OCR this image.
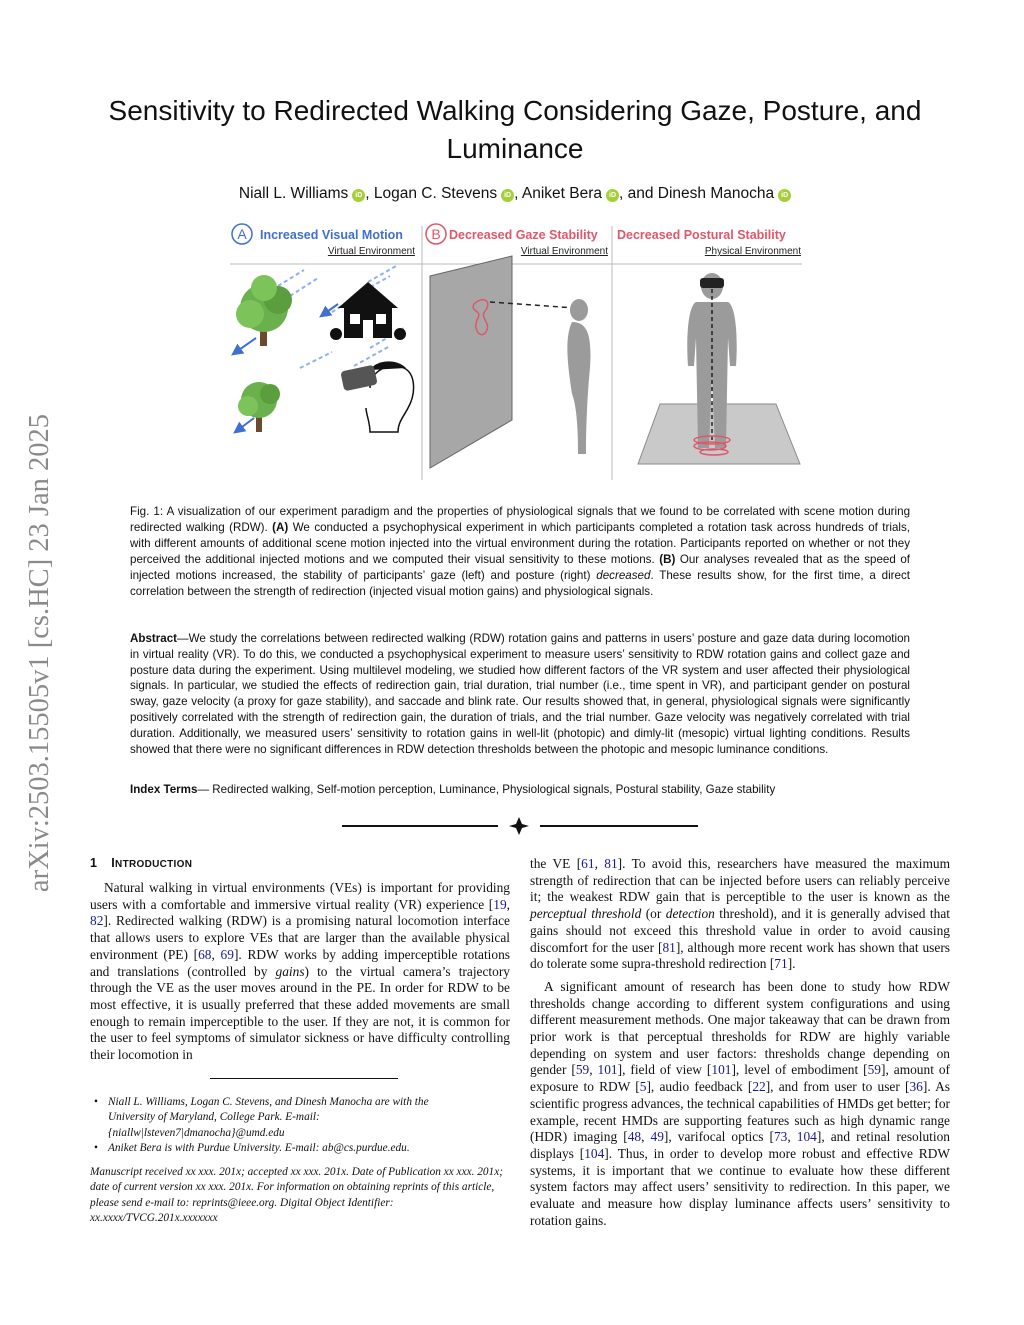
arXiv:2503.15505v1 [cs.HC] 23 Jan 2025
Sensitivity to Redirected Walking Considering Gaze, Posture, and Luminance
Niall L. Williams iD , Logan C. Stevens iD , Aniket Bera iD , and Dinesh Manocha iD
A Increased Visual Motion
Virtual Environment
B Decreased Gaze Stability
Virtual Environment
Decreased Postural Stability
Physical Environment

Fig. 1: A visualization of our experiment paradigm and the properties of physiological signals that we found to be correlated with scene motion during redirected walking (RDW). (A) We conducted a psychophysical experiment in which participants completed a rotation task across hundreds of trials, with different amounts of additional scene motion injected into the virtual environment during the rotation. Participants reported on whether or not they perceived the additional injected motions and we computed their visual sensitivity to these motions. (B) Our analyses revealed that as the speed of injected motions increased, the stability of participants’ gaze (left) and posture (right) decreased. These results show, for the first time, a direct correlation between the strength of redirection (injected visual motion gains) and physiological signals.

Abstract—We study the correlations between redirected walking (RDW) rotation gains and patterns in users’ posture and gaze data during locomotion in virtual reality (VR). To do this, we conducted a psychophysical experiment to measure users’ sensitivity to RDW rotation gains and collect gaze and posture data during the experiment. Using multilevel modeling, we studied how different factors of the VR system and user affected their physiological signals. In particular, we studied the effects of redirection gain, trial duration, trial number (i.e., time spent in VR), and participant gender on postural sway, gaze velocity (a proxy for gaze stability), and saccade and blink rate. Our results showed that, in general, physiological signals were significantly positively correlated with the strength of redirection gain, the duration of trials, and the trial number. Gaze velocity was negatively correlated with trial duration. Additionally, we measured users’ sensitivity to rotation gains in well-lit (photopic) and dimly-lit (mesopic) virtual lighting conditions. Results showed that there were no significant differences in RDW detection thresholds between the photopic and mesopic luminance conditions.

Index Terms— Redirected walking, Self-motion perception, Luminance, Physiological signals, Postural stability, Gaze stability

1 INTRODUCTION

Natural walking in virtual environments (VEs) is important for providing users with a comfortable and immersive virtual reality (VR) experience [19, 82]. Redirected walking (RDW) is a promising natural locomotion interface that allows users to explore VEs that are larger than the available physical environment (PE) [68, 69]. RDW works by adding imperceptible rotations and translations (controlled by gains) to the virtual camera’s trajectory through the VE as the user moves around in the PE. In order for RDW to be most effective, it is usually preferred that these added movements are small enough to remain imperceptible to the user. If they are not, it is common for the user to feel symptoms of simulator sickness or have difficulty controlling their locomotion in

• Niall L. Williams, Logan C. Stevens, and Dinesh Manocha are with the
University of Maryland, College Park. E-mail:
{niallw|lsteven7|dmanocha}@umd.edu
• Aniket Bera is with Purdue University. E-mail: ab@cs.purdue.edu.

Manuscript received xx xxx. 201x; accepted xx xxx. 201x. Date of Publication xx xxx. 201x; date of current version xx xxx. 201x. For information on obtaining reprints of this article, please send e-mail to: reprints@ieee.org. Digital Object Identifier: xx.xxxx/TVCG.201x.xxxxxxx

the VE [61, 81]. To avoid this, researchers have measured the maximum strength of redirection that can be injected before users can reliably perceive it; the weakest RDW gain that is perceptible to the user is known as the perceptual threshold (or detection threshold), and it is generally advised that gains should not exceed this threshold value in order to avoid causing discomfort for the user [81], although more recent work has shown that users do tolerate some supra-threshold redirection [71].

A significant amount of research has been done to study how RDW thresholds change according to different system configurations and using different measurement methods. One major takeaway that can be drawn from prior work is that perceptual thresholds for RDW are highly variable depending on system and user factors: thresholds change depending on gender [59, 101], field of view [101], level of embodiment [59], amount of exposure to RDW [5], audio feedback [22], and from user to user [36]. As scientific progress advances, the technical capabilities of HMDs get better; for example, recent HMDs are supporting features such as high dynamic range (HDR) imaging [48, 49], varifocal optics [73, 104], and retinal resolution displays [104]. Thus, in order to develop more robust and effective RDW systems, it is important that we continue to evaluate how these different system factors may affect users’ sensitivity to redirection. In this paper, we evaluate and measure how display luminance affects users’ sensitivity to rotation gains.
